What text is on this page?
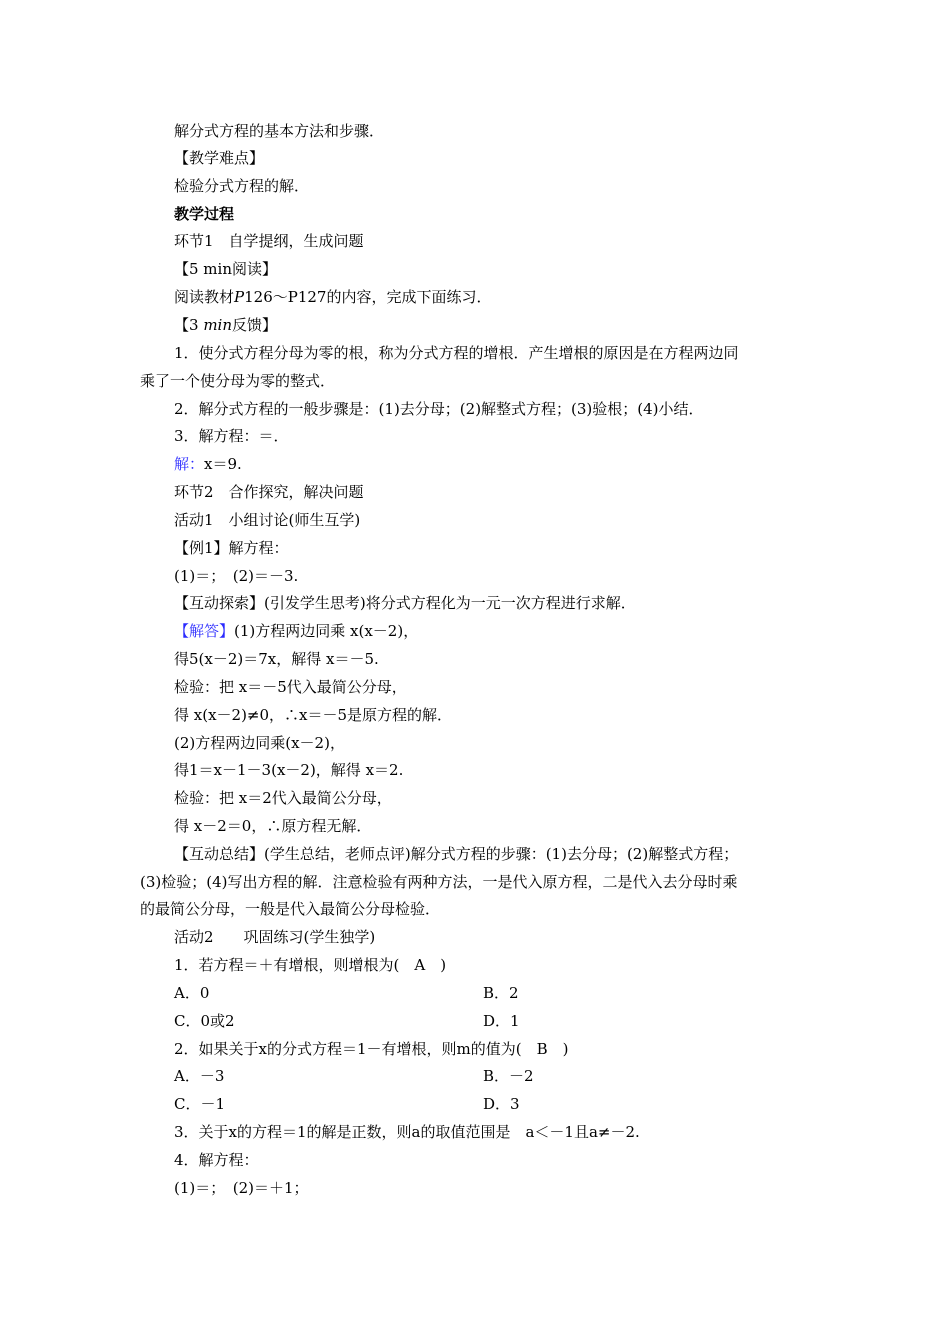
解分式方程的基本方法和步骤．
【教学难点】
检验分式方程的解．
教学过程
环节1　自学提纲，生成问题
【5 min阅读】
阅读教材P126～P127的内容，完成下面练习．
【3 min反馈】
1．使分式方程分母为零的根，称为分式方程的增根．产生增根的原因是在方程两边同
乘了一个使分母为零的整式．
2．解分式方程的一般步骤是：(1)去分母；(2)解整式方程；(3)验根；(4)小结．
3．解方程：＝．
解：x＝9.
环节2　合作探究，解决问题
活动1　小组讨论(师生互学)
【例1】解方程：
(1)＝；　(2)＝－3.
【互动探索】(引发学生思考)将分式方程化为一元一次方程进行求解．
【解答】(1)方程两边同乘 x(x－2)，
得5(x－2)＝7x，解得 x＝－5.
检验：把 x＝－5代入最简公分母，
得 x(x－2)≠0，∴x＝－5是原方程的解．
(2)方程两边同乘(x－2)，
得1＝x－1－3(x－2)，解得 x＝2.
检验：把 x＝2代入最简公分母，
得 x－2＝0，∴原方程无解．
【互动总结】(学生总结，老师点评)解分式方程的步骤：(1)去分母；(2)解整式方程；
(3)检验；(4)写出方程的解．注意检验有两种方法，一是代入原方程，二是代入去分母时乘
的最简公分母，一般是代入最简公分母检验．
活动2　　巩固练习(学生独学)
1．若方程＝＋有增根，则增根为(　A　)
A．0	B．2
C．0或2	D．1
2．如果关于x的分式方程＝1－有增根，则m的值为(　B　)
A．－3	B．－2
C．－1	D．3
3．关于x的方程＝1的解是正数，则a的取值范围是　a＜－1且a≠－2.
4．解方程：
(1)＝；　(2)＝＋1；
